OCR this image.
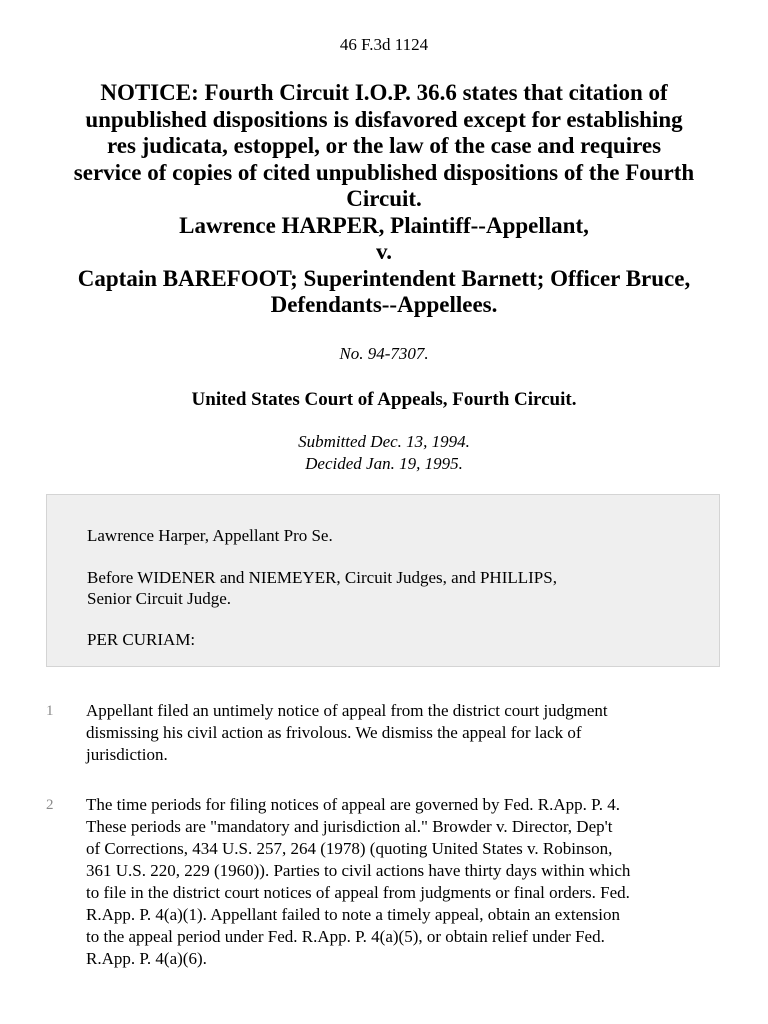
46 F.3d 1124
NOTICE: Fourth Circuit I.O.P. 36.6 states that citation of
unpublished dispositions is disfavored except for establishing
res judicata, estoppel, or the law of the case and requires
service of copies of cited unpublished dispositions of the Fourth
Circuit.
Lawrence HARPER, Plaintiff--Appellant,
v.
Captain BAREFOOT; Superintendent Barnett; Officer Bruce,
Defendants--Appellees.
No. 94-7307.
United States Court of Appeals, Fourth Circuit.
Submitted Dec. 13, 1994.
Decided Jan. 19, 1995.
Lawrence Harper, Appellant Pro Se.
Before WIDENER and NIEMEYER, Circuit Judges, and PHILLIPS,
Senior Circuit Judge.
PER CURIAM:
1	Appellant filed an untimely notice of appeal from the district court judgment
dismissing his civil action as frivolous. We dismiss the appeal for lack of
jurisdiction.
2	The time periods for filing notices of appeal are governed by Fed. R.App. P. 4.
These periods are "mandatory and jurisdiction al." Browder v. Director, Dep't
of Corrections, 434 U.S. 257, 264 (1978) (quoting United States v. Robinson,
361 U.S. 220, 229 (1960)). Parties to civil actions have thirty days within which
to file in the district court notices of appeal from judgments or final orders. Fed.
R.App. P. 4(a)(1). Appellant failed to note a timely appeal, obtain an extension
to the appeal period under Fed. R.App. P. 4(a)(5), or obtain relief under Fed.
R.App. P. 4(a)(6).
